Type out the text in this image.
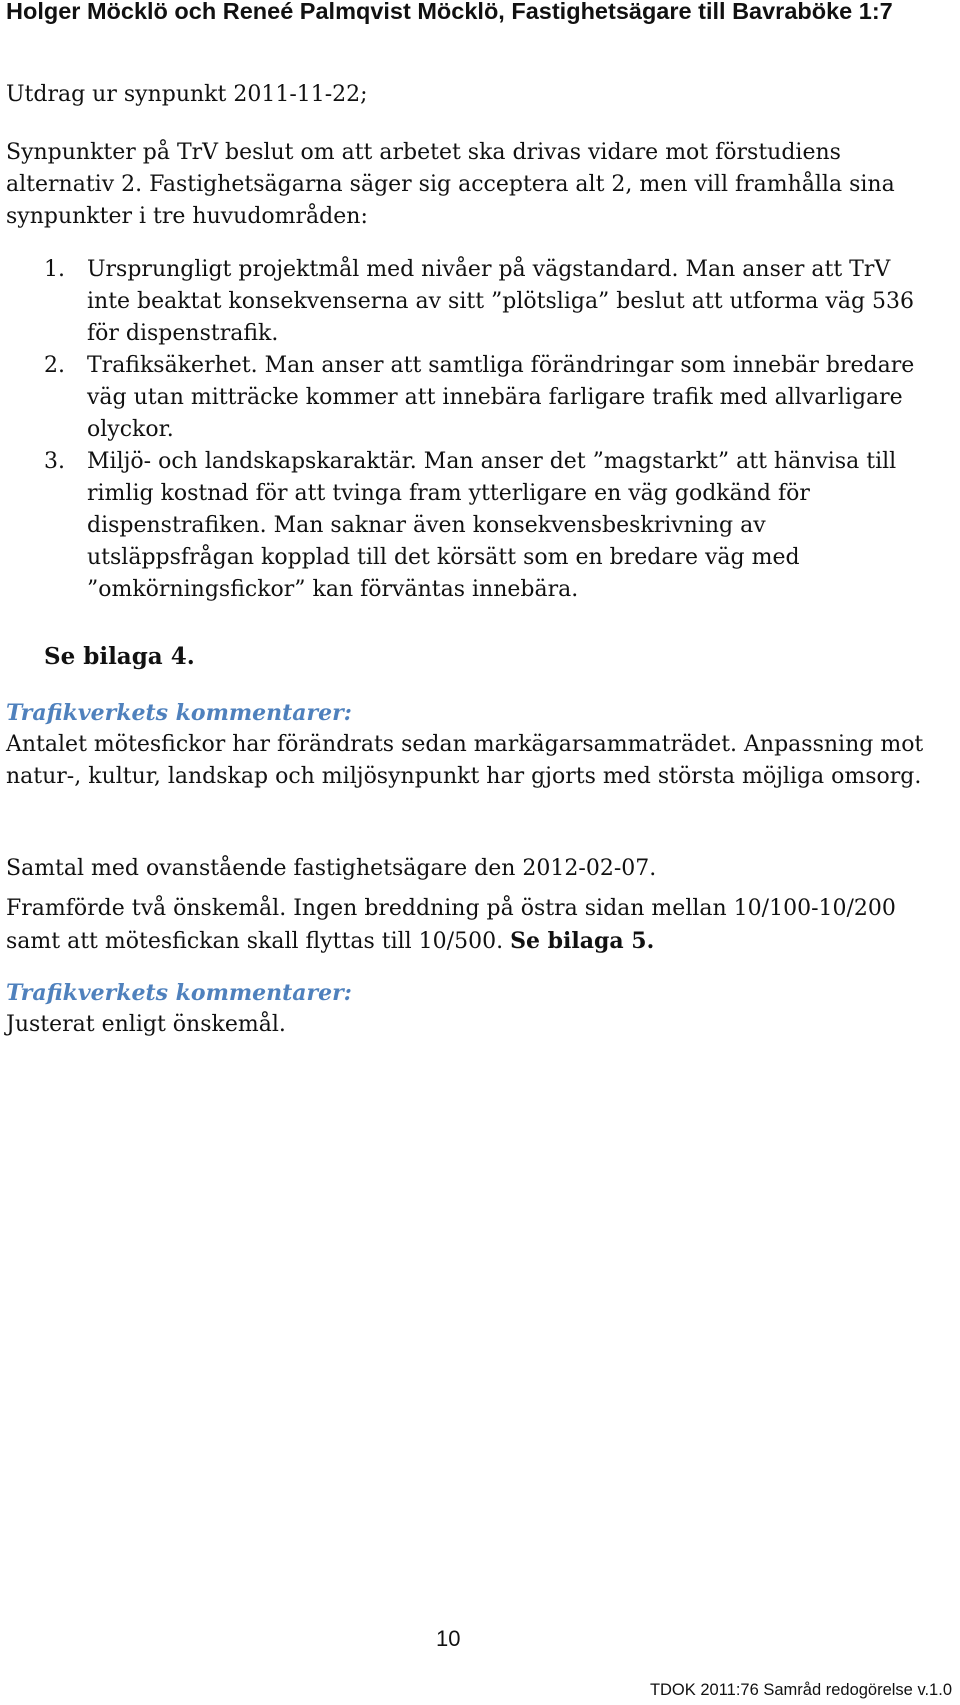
Holger Möcklö och Reneé Palmqvist Möcklö, Fastighetsägare till Bavraböke 1:7

Utdrag ur synpunkt 2011-11-22;

Synpunkter på TrV beslut om att arbetet ska drivas vidare mot förstudiens alternativ 2. Fastighetsägarna säger sig acceptera alt 2, men vill framhålla sina synpunkter i tre huvudområden:

1. Ursprungligt projektmål med nivåer på vägstandard. Man anser att TrV inte beaktat konsekvenserna av sitt ”plötsliga” beslut att utforma väg 536 för dispenstrafik.
2. Trafiksäkerhet. Man anser att samtliga förändringar som innebär bredare väg utan mitträcke kommer att innebära farligare trafik med allvarligare olyckor.
3. Miljö- och landskapskaraktär. Man anser det ”magstarkt” att hänvisa till rimlig kostnad för att tvinga fram ytterligare en väg godkänd för dispenstrafiken. Man saknar även konsekvensbeskrivning av utsläppsfrågan kopplad till det körsätt som en bredare väg med ”omkörningsfickor” kan förväntas innebära.

Se bilaga 4.

Trafikverkets kommentarer:

Antalet mötesfickor har förändrats sedan markägarsammaträdet. Anpassning mot natur-, kultur, landskap och miljösynpunkt har gjorts med största möjliga omsorg.

Samtal med ovanstående fastighetsägare den 2012-02-07.

Framförde två önskemål. Ingen breddning på östra sidan mellan 10/100-10/200 samt att mötesfickan skall flyttas till 10/500. Se bilaga 5.

Trafikverkets kommentarer:

Justerat enligt önskemål.

10
TDOK 2011:76 Samråd redogörelse v.1.0
